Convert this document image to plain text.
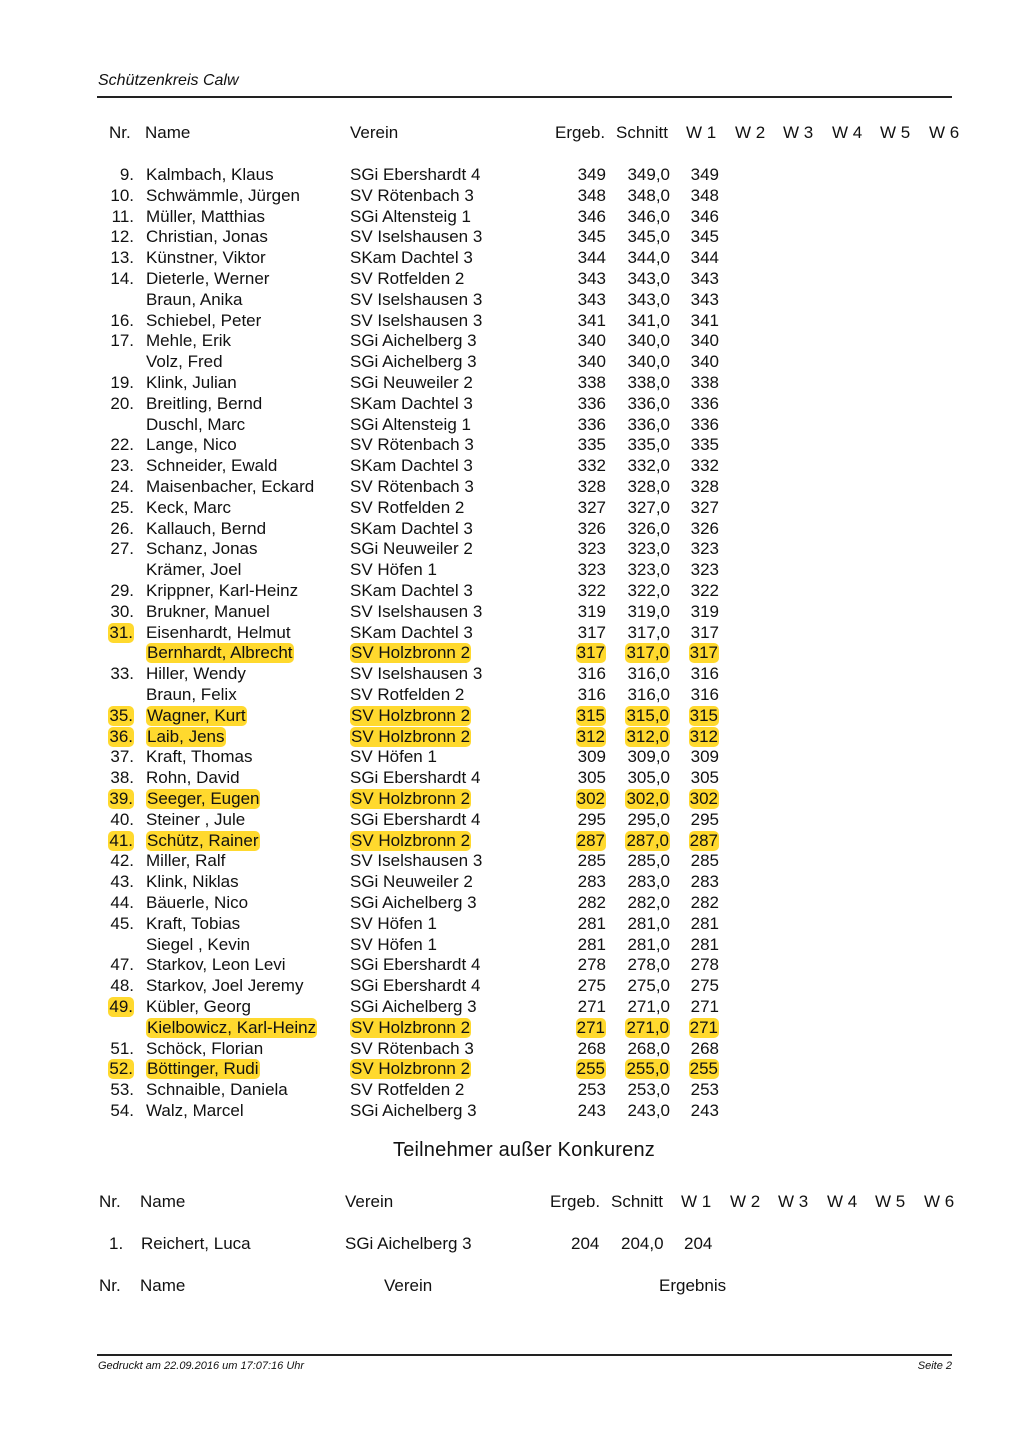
Schützenkreis Calw
Nr. Name	Verein	Ergeb. Schnitt W 1 W 2 W 3 W 4 W 5 W 6
9. Kalmbach, Klaus	SGi Ebershardt 4	349 349,0 349
10. Schwämmle, Jürgen	SV Rötenbach 3	348 348,0 348
11. Müller, Matthias	SGi Altensteig 1	346 346,0 346
12. Christian, Jonas	SV Iselshausen 3	345 345,0 345
13. Künstner, Viktor	SKam Dachtel 3	344 344,0 344
14. Dieterle, Werner	SV Rotfelden 2	343 343,0 343
Braun, Anika	SV Iselshausen 3	343 343,0 343
16. Schiebel, Peter	SV Iselshausen 3	341 341,0 341
17. Mehle, Erik	SGi Aichelberg 3	340 340,0 340
Volz, Fred	SGi Aichelberg 3	340 340,0 340
19. Klink, Julian	SGi Neuweiler 2	338 338,0 338
20. Breitling, Bernd	SKam Dachtel 3	336 336,0 336
Duschl, Marc	SGi Altensteig 1	336 336,0 336
22. Lange, Nico	SV Rötenbach 3	335 335,0 335
23. Schneider, Ewald	SKam Dachtel 3	332 332,0 332
24. Maisenbacher, Eckard SV Rötenbach 3	328 328,0 328
25. Keck, Marc	SV Rotfelden 2	327 327,0 327
26. Kallauch, Bernd	SKam Dachtel 3	326 326,0 326
27. Schanz, Jonas	SGi Neuweiler 2	323 323,0 323
Krämer, Joel	SV Höfen 1	323 323,0 323
29. Krippner, Karl-Heinz	SKam Dachtel 3	322 322,0 322
30. Brukner, Manuel	SV Iselshausen 3	319 319,0 319
31. Eisenhardt, Helmut	SKam Dachtel 3	317 317,0 317
Bernhardt, Albrecht	SV Holzbronn 2	317 317,0 317
33. Hiller, Wendy	SV Iselshausen 3	316 316,0 316
Braun, Felix	SV Rotfelden 2	316 316,0 316
35. Wagner, Kurt	SV Holzbronn 2	315 315,0 315
36. Laib, Jens	SV Holzbronn 2	312 312,0 312
37. Kraft, Thomas	SV Höfen 1	309 309,0 309
38. Rohn, David	SGi Ebershardt 4	305 305,0 305
39. Seeger, Eugen	SV Holzbronn 2	302 302,0 302
40. Steiner , Jule	SGi Ebershardt 4	295 295,0 295
41. Schütz, Rainer	SV Holzbronn 2	287 287,0 287
42. Miller, Ralf	SV Iselshausen 3	285 285,0 285
43. Klink, Niklas	SGi Neuweiler 2	283 283,0 283
44. Bäuerle, Nico	SGi Aichelberg 3	282 282,0 282
45. Kraft, Tobias	SV Höfen 1	281 281,0 281
Siegel , Kevin	SV Höfen 1	281 281,0 281
47. Starkov, Leon Levi	SGi Ebershardt 4	278 278,0 278
48. Starkov, Joel Jeremy	SGi Ebershardt 4	275 275,0 275
49. Kübler, Georg	SGi Aichelberg 3	271 271,0 271
Kielbowicz, Karl-Heinz SV Holzbronn 2	271 271,0 271
51. Schöck, Florian	SV Rötenbach 3	268 268,0 268
52. Böttinger, Rudi	SV Holzbronn 2	255 255,0 255
53. Schnaible, Daniela	SV Rotfelden 2	253 253,0 253
54. Walz, Marcel	SGi Aichelberg 3	243 243,0 243
Teilnehmer außer Konkurenz
Nr. Name	Verein	Ergeb. Schnitt W 1 W 2 W 3 W 4 W 5 W 6
1. Reichert, Luca	SGi Aichelberg 3	204 204,0 204
Nr. Name	Verein	Ergebnis
Gedruckt am 22.09.2016 um 17:07:16 Uhr	Seite 2
